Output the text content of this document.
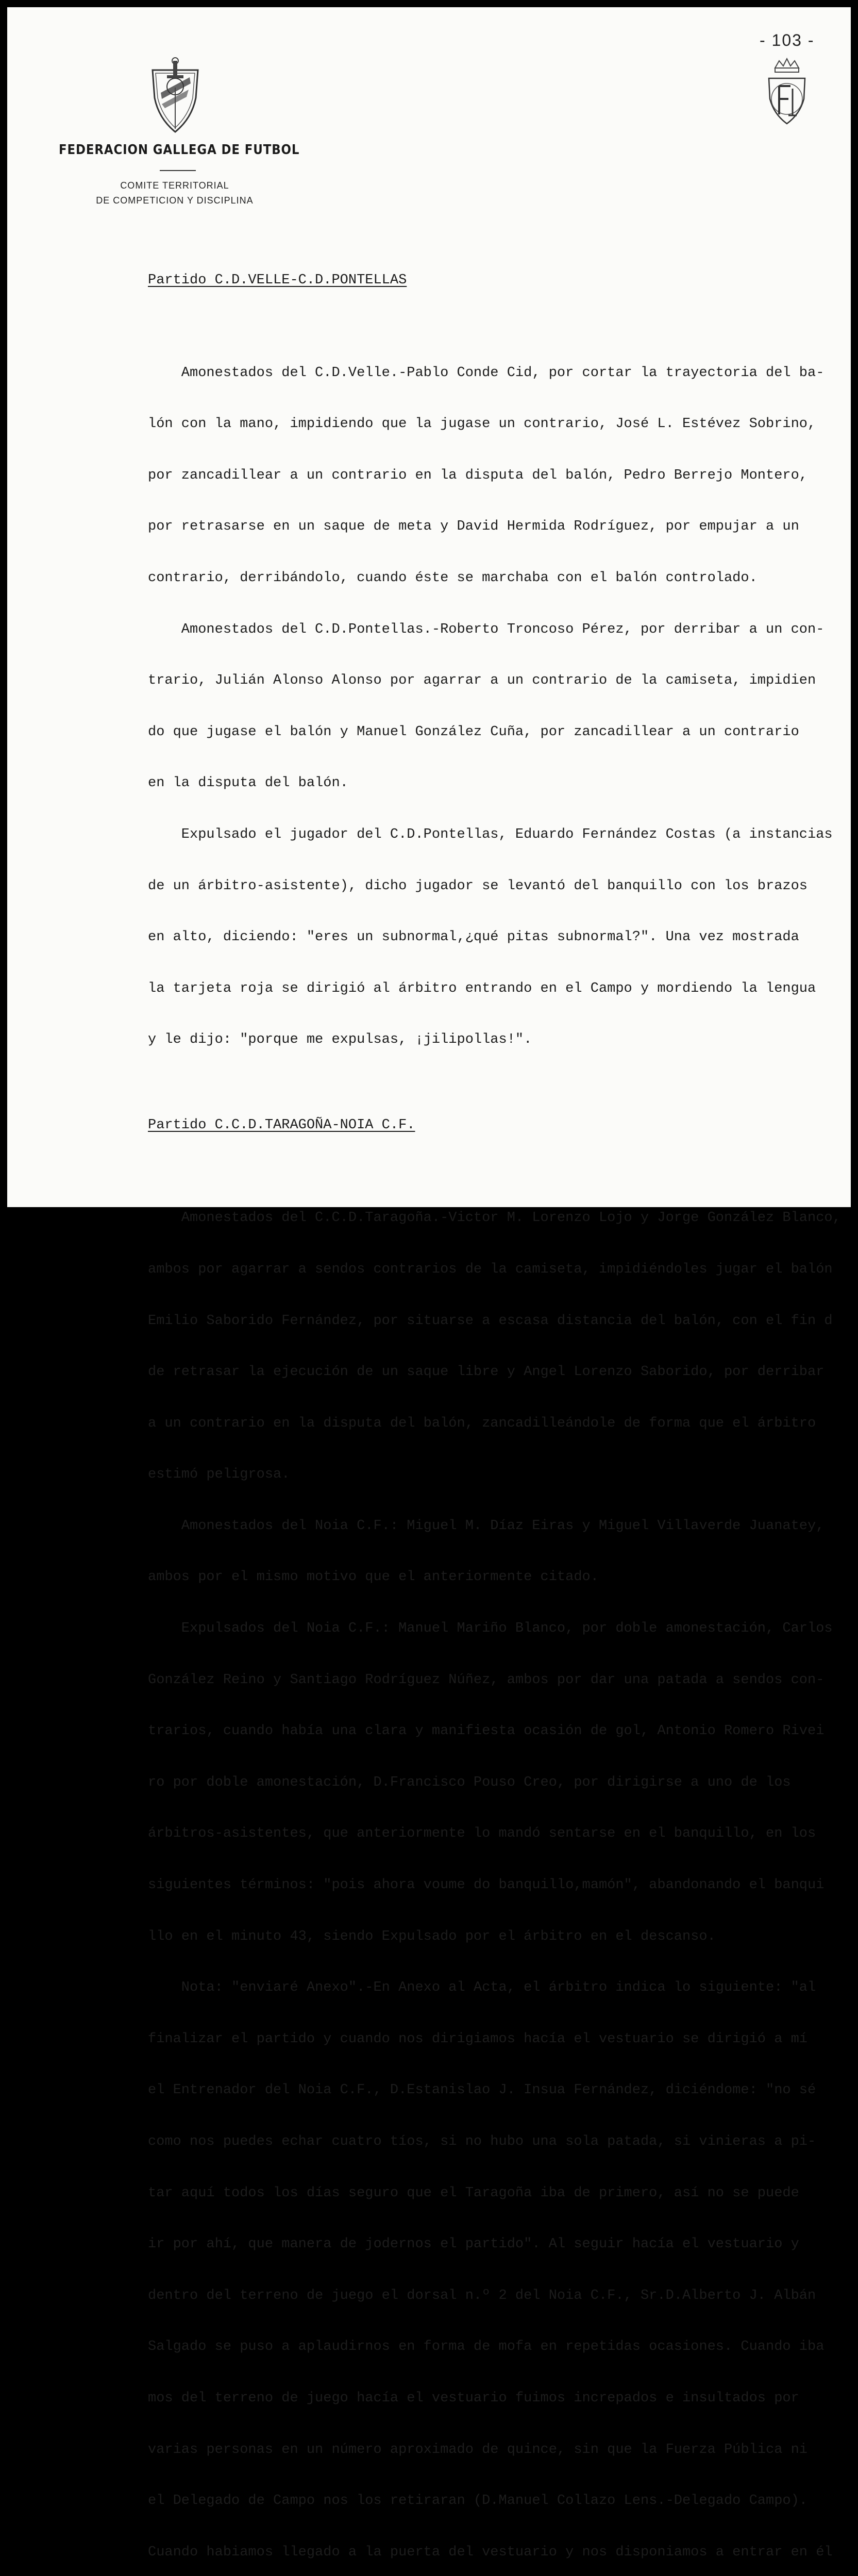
- 103 -
FEDERACION GALLEGA DE FUTBOL
COMITE TERRITORIAL
DE COMPETICION Y DISCIPLINA

Partido C.D.VELLE-C.D.PONTELLAS

Amonestados del C.D.Velle.-Pablo Conde Cid, por cortar la trayectoria del ba-

lón con la mano, impidiendo que la jugase un contrario, José L. Estévez Sobrino,

por zancadillear a un contrario en la disputa del balón, Pedro Berrejo Montero,

por retrasarse en un saque de meta y David Hermida Rodríguez, por empujar a un

contrario, derribándolo, cuando éste se marchaba con el balón controlado.

Amonestados del C.D.Pontellas.-Roberto Troncoso Pérez, por derribar a un con-

trario, Julián Alonso Alonso por agarrar a un contrario de la camiseta, impidien

do que jugase el balón y Manuel González Cuña, por zancadillear a un contrario

en la disputa del balón.

Expulsado el jugador del C.D.Pontellas, Eduardo Fernández Costas (a instancias

de un árbitro-asistente), dicho jugador se levantó del banquillo con los brazos

en alto, diciendo: "eres un subnormal,¿qué pitas subnormal?". Una vez mostrada

la tarjeta roja se dirigió al árbitro entrando en el Campo y mordiendo la lengua

y le dijo: "porque me expulsas, ¡jilipollas!".

Partido C.C.D.TARAGOÑA-NOIA C.F.

Amonestados del C.C.D.Taragoña.-Victor M. Lorenzo Lojo y Jorge González Blanco,

ambos por agarrar a sendos contrarios de la camiseta, impidiéndoles jugar el balón

Emilio Saborido Fernández, por situarse a escasa distancia del balón, con el fin d

de retrasar la ejecución de un saque libre y Angel Lorenzo Saborido, por derribar

a un contrario en la disputa del balón, zancadilleándole de forma que el árbitro

estimó peligrosa.

Amonestados del Noia C.F.: Miguel M. Díaz Eiras y Miguel Villaverde Juanatey,

ambos por el mismo motivo que el anteriormente citado.

Expulsados del Noia C.F.: Manuel Mariño Blanco, por doble amonestación, Carlos

González Reino y Santiago Rodríguez Núñez, ambos por dar una patada a sendos con-

trarios, cuando había una clara y manifiesta ocasión de gol, Antonio Romero Rivei

ro por doble amonestación, D.Francisco Pouso Creo, por dirigirse a uno de los

árbitros-asistentes, que anteriormente lo mandó sentarse en el banquillo, en los

siguientes términos: "pois ahora voume do banquillo,mamón", abandonando el banqui

llo en el minuto 43, siendo Expulsado por el árbitro en el descanso.

Nota: "enviaré Anexo".-En Anexo al Acta, el árbitro indica lo siguiente: "al

finalizar el partido y cuando nos dirigiamos hacía el vestuario se dirigió a mí

el Entrenador del Noia C.F., D.Estanislao J. Insua Fernández, diciéndome: "no sé

como nos puedes echar cuatro tíos, si no hubo una sola patada, si vinieras a pi-

tar aquí todos los días seguro que el Taragoña iba de primero, así no se puede

ir por ahí, que manera de jodernos el partido". Al seguir hacía el vestuario y

dentro del terreno de juego el dorsal n.º 2 del Noia C.F., Sr.D.Alberto J. Albán

Salgado se puso a aplaudirnos en forma de mofa en repetidas ocasiones. Cuando iba

mos del terreno de juego hacía el vestuario fuimos increpados e insultados por

varias personas en un número aproximado de quince, sin que la Fuerza Pública ni

el Delegado de Campo nos los retiraran (D.Manuel Collazo Lens.-Delegado Campo).

Cuando habiamos llegado a la puerta del vestuario y nos disponiamos a entrar en él
